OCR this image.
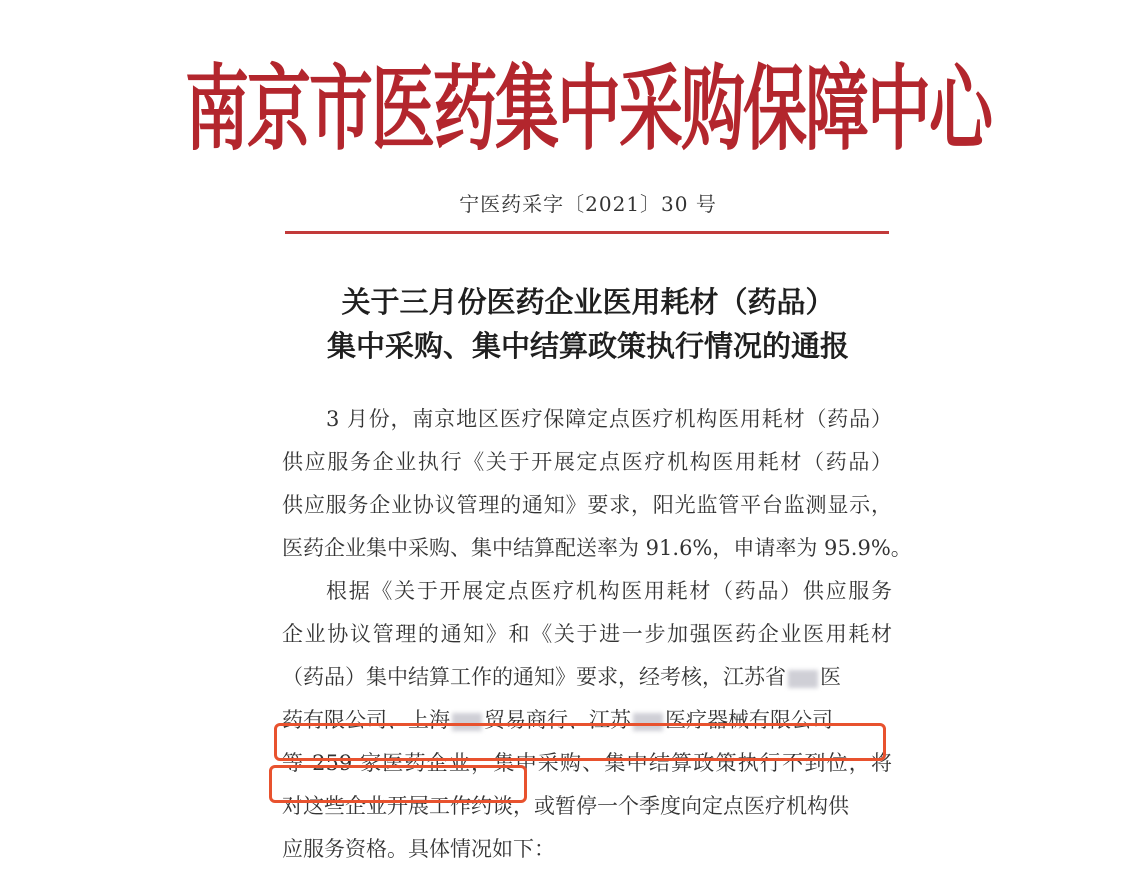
南京市医药集中采购保障中心
宁医药采字〔2021〕30 号
关于三月份医药企业医用耗材（药品）
集中采购、集中结算政策执行情况的通报
3 月份，南京地区医疗保障定点医疗机构医用耗材（药品）
供应服务企业执行《关于开展定点医疗机构医用耗材（药品）
供应服务企业协议管理的通知》要求，阳光监管平台监测显示，
医药企业集中采购、集中结算配送率为 91.6%，申请率为 95.9%。
根据《关于开展定点医疗机构医用耗材（药品）供应服务
企业协议管理的通知》和《关于进一步加强医药企业医用耗材
（药品）集中结算工作的通知》要求，经考核，江苏省 医
药有限公司、上海 贸易商行、江苏 医疗器械有限公司
等 259 家医药企业，集中采购、集中结算政策执行不到位，将
对这些企业开展工作约谈，或暂停一个季度向定点医疗机构供
应服务资格。具体情况如下：
